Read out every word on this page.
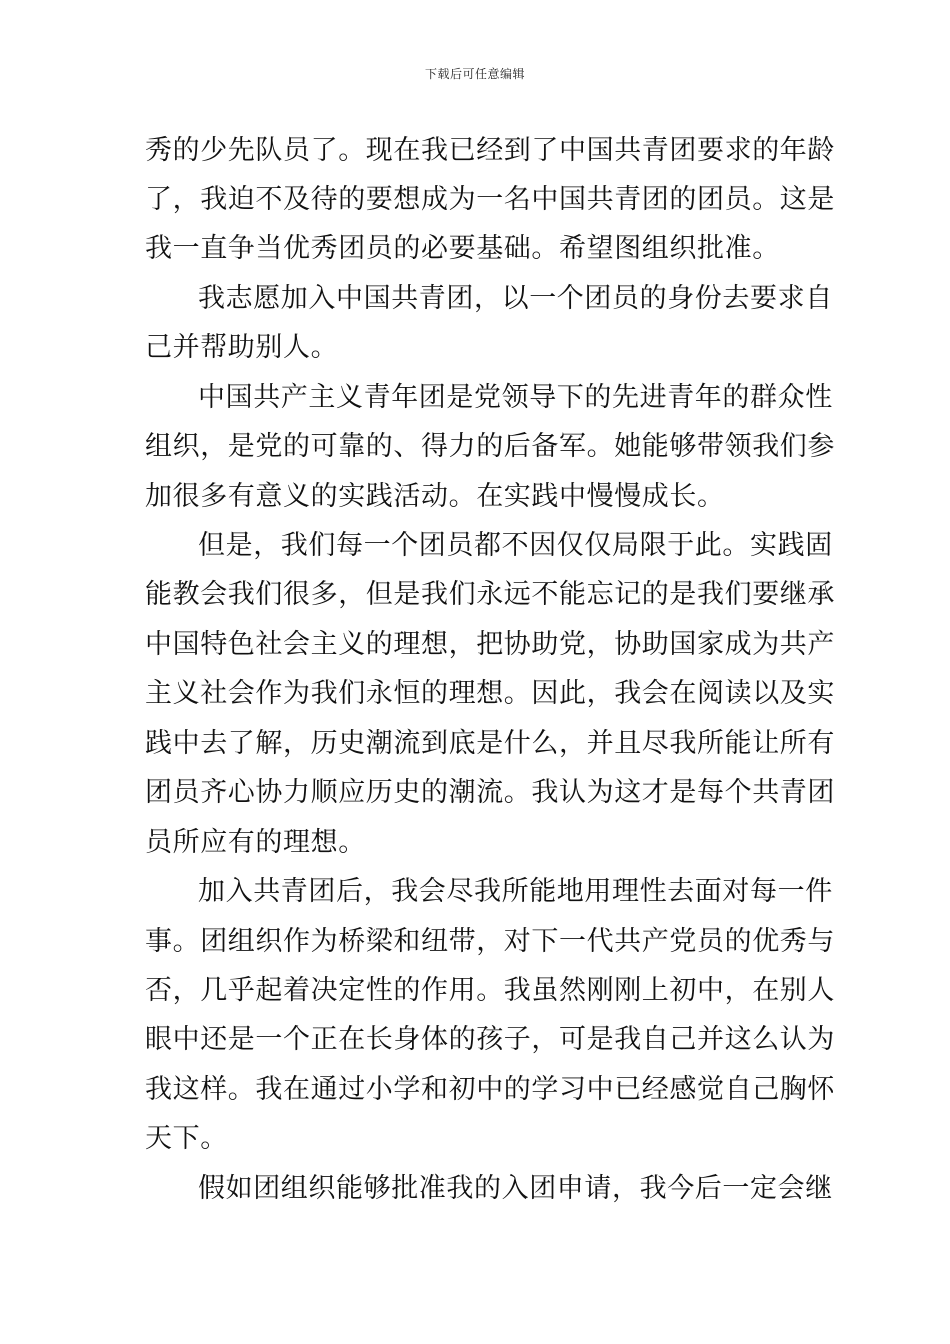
下载后可任意编辑
秀的少先队员了。现在我已经到了中国共青团要求的年龄
了，我迫不及待的要想成为一名中国共青团的团员。这是
我一直争当优秀团员的必要基础。希望图组织批准。
我志愿加入中国共青团，以一个团员的身份去要求自
己并帮助别人。
中国共产主义青年团是党领导下的先进青年的群众性
组织，是党的可靠的、得力的后备军。她能够带领我们参
加很多有意义的实践活动。在实践中慢慢成长。
但是，我们每一个团员都不因仅仅局限于此。实践固
能教会我们很多，但是我们永远不能忘记的是我们要继承
中国特色社会主义的理想，把协助党，协助国家成为共产
主义社会作为我们永恒的理想。因此，我会在阅读以及实
践中去了解，历史潮流到底是什么，并且尽我所能让所有
团员齐心协力顺应历史的潮流。我认为这才是每个共青团
员所应有的理想。
加入共青团后，我会尽我所能地用理性去面对每一件
事。团组织作为桥梁和纽带，对下一代共产党员的优秀与
否，几乎起着决定性的作用。我虽然刚刚上初中，在别人
眼中还是一个正在长身体的孩子，可是我自己并这么认为
我这样。我在通过小学和初中的学习中已经感觉自己胸怀
天下。
假如团组织能够批准我的入团申请，我今后一定会继
